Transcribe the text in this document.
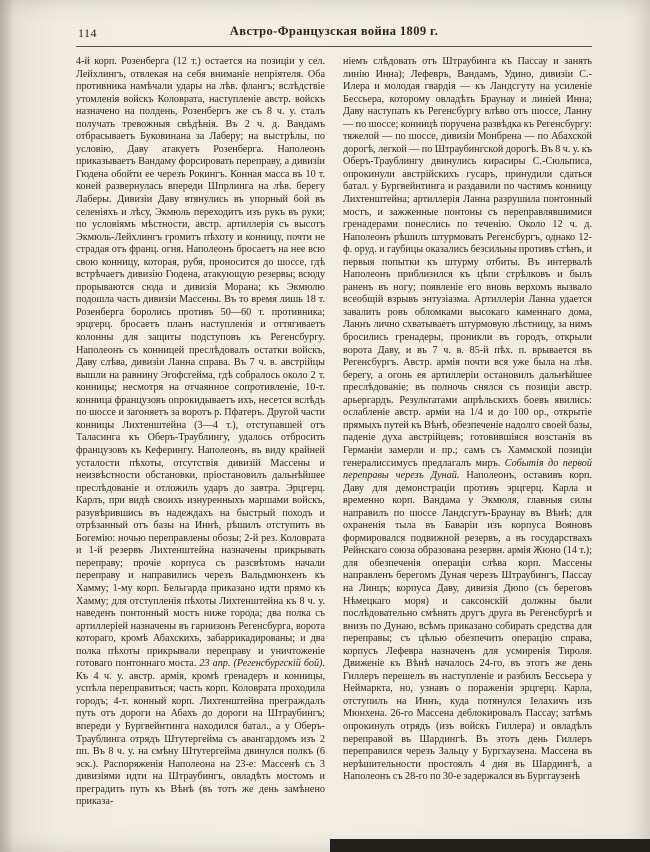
114	Австро-Французская война 1809 г.
4-й корп. Розенберга (12 т.) остается на позиціи у сел. Лейхлингъ, отвлекая на себя вниманіе непріятеля. Оба противника намѣчали удары на лѣв. флангъ; вслѣдствіе утомленія войскъ Коловрата, наступленіе австр. войскъ назначено на полдень, Розенбергъ же съ 8 ч. у. сталъ получать тревожныя свѣдѣнія. Въ 2 ч. д. Вандамъ отбрасываетъ Буковинана за Лаберу; на выстрѣлы, по условію, Даву атакуетъ Розенберга. Наполеонъ приказываетъ Вандаму форсировать переправу, а дивизіи Гюдена обойти ее черезъ Рокингъ. Конная масса въ 10 т. коней развернулась впереди Шпрлинга на лѣв. берегу Лаберы. Дивизіи Даву втянулись въ упорный бой въ селеніяхъ и лѣсу, Экмюль переходитъ изъ рукъ въ руки; по условіямъ мѣстности, австр. артиллерія съ высотъ Экмюль-Лейхлингъ громитъ пѣхоту и конницу, почти не страдая отъ франц. огня. Наполеонъ бросаетъ на нее всю свою конницу, которая, рубя, проносится до шоссе, гдѣ встрѣчаетъ дивизію Гюдена, атакующую резервы; всюду прорываются сюда и дивизія Морана; къ Экмюлю подошла часть дивизіи Массены. Въ то время лишь 18 т. Розенберга боролись противъ 50—60 т. противника; эрцгерц. бросаетъ планъ наступленія и оттягиваетъ колонны для защиты подступовъ къ Регенсбургу. Наполеонъ съ конницей преслѣдовалъ остатки войскъ, Даву слѣва, дивизіи Ланна справа. Въ 7 ч. в. австрійцы вышли на равнину Эгофсгейма, гдѣ собралось около 2 т. конницы; несмотря на отчаянное сопротивленіе, 10-т. конница французовъ опрокидываетъ ихъ, несется вслѣдъ по шоссе и загоняетъ за воротъ р. Пфатеръ. Другой части конницы Лихтенштейна (3—4 т.), отступавшей отъ Таласинга къ Оберъ-Траублингу, удалось отбросить французовъ къ Кеферингу. Наполеонъ, въ виду крайней усталости пѣхоты, отсутствія дивизій Массены и неизвѣстности обстановки, пріостановилъ дальнѣйшее преслѣдованіе и отложилъ ударъ до завтра. Эрцгерц. Карлъ, при видѣ своихъ изнуренныхъ маршами войскъ, разувѣрившись въ надеждахъ на быстрый походъ и отрѣзанный отъ базы на Иннѣ, рѣшилъ отступить въ Богемію: ночью переправлены обозы; 2-й рез. Коловрата и 1-й резервъ Лихтенштейна назначены прикрывать переправу; прочіе корпуса съ разсвѣтомъ начали переправу и направились черезъ Вальдмюнхенъ къ Хамму; 1-му корп. Бельгарда приказано идти прямо къ Хамму; для отступленія пѣхоты Лихтенштейна къ 8 ч. у. наведенъ понтонный мостъ ниже города; два полка съ артиллеріей назначены въ гарнизонъ Регенсбурга, ворота котораго, кромѣ Абахскихъ, забаррикадированы; и два полка пѣхоты прикрывали переправу и уничтоженіе готоваго понтоннаго моста. 23 апр. (Регенсбургскій бой). Къ 4 ч. у. австр. армія, кромѣ гренадеръ и конницы, успѣла переправиться; часть корп. Коловрата проходила городъ; 4-т. конный корп. Лихтенштейна преграждалъ путь отъ дороги на Абахъ до дороги на Штраубингъ; впереди у Бургвейнтинга находился батал., а у Оберъ-Траублинга отрядъ Штутергейма съ авангардомъ изъ 2 пп. Въ 8 ч. у. на смѣну Штутергейма двинулся полкъ (6 эск.). Распоряженія Наполеона на 23-е: Массенѣ съ 3 дивизіями идти на Штраубингъ, овладѣть мостомъ и преградить путь къ Вѣнѣ (въ тотъ же день замѣнено приказа-
ніемъ слѣдовать отъ Штраубинга къ Пассау и занять линію Инна); Лефевръ, Вандамъ, Удино, дивизіи С.-Илера и молодая гвардія — къ Ландсгуту на усиленіе Бессьера, которому овладѣть Браунау и линіей Инна; Даву наступать къ Регенсбургу влѣво отъ шоссе, Ланну — по шоссе; конницѣ поручена развѣдка къ Регенсбургу: тяжелой — по шоссе, дивизіи Монбрена — по Абахской дорогѣ, легкой — по Штраубингской дорогѣ. Въ 8 ч. у. къ Оберъ-Траублингу двинулись кирасиры С.-Сюльписа, опрокинули австрійскихъ гусаръ, принудили сдаться батал. у Бургвейнтинга и раздавили по частямъ конницу Лихтенштейна; артиллерія Ланна разрушила понтонный мостъ, и зажженные понтоны съ переправлявшимися гренадерами понеслись по теченію. Около 12 ч. д. Наполеонъ рѣшилъ штурмовать Регенсбургъ, однако 12-ф. оруд. и гаубицы оказались безсильны противъ стѣнъ, и первыя попытки къ штурму отбиты. Въ интервалѣ Наполеонъ приблизился къ цѣпи стрѣлковъ и былъ раненъ въ ногу; появленіе его вновь верхомъ вызвало всеобщій взрывъ энтузіазма. Артиллеріи Ланна удается завалить ровъ обломками высокаго каменнаго дома, Ланнъ лично схватываетъ штурмовую лѣстницу, за нимъ бросились гренадеры, проникли въ городъ, открыли ворота Даву, и въ 7 ч. в. 85-й пѣх. п. врывается въ Регенсбургъ. Австр. армія почти вся уже была на лѣв. берегу, а огонь ея артиллеріи остановилъ дальнѣйшее преслѣдованіе; въ полночь снялся съ позиціи австр. арьергардъ. Результатами апрѣльскихъ боевъ явились: ослабленіе австр. арміи на 1/4 и до 100 ор., открытіе прямыхъ путей къ Вѣнѣ, обезпеченіе надолго своей базы, паденіе духа австрійцевъ; готовившіяся возстанія въ Германіи замерли и пр.; самъ съ Хаммской позиціи генералиссимусъ предлагалъ миръ. Событія до первой переправы черезъ Дунай. Наполеонъ, оставивъ корп. Даву для демонстраціи противъ эрцгерц. Карла и временно корп. Вандама у Экмюля, главныя силы направилъ по шоссе Ландсгутъ-Браунау въ Вѣнѣ; для охраненія тыла въ Баваріи изъ корпуса Вояновъ формировался подвижной резервъ, а въ государствахъ Рейнскаго союза образована резервн. армія Жюно (14 т.); для обезпеченія операціи слѣва корп. Массены направленъ берегомъ Дуная черезъ Штраубингъ, Пассау на Линцъ; корпуса Даву, дивизія Дюпо (съ береговъ Нѣмецкаго моря) и саксонскій должны были послѣдовательно смѣнять другъ друга въ Регенсбургѣ и внизъ по Дунаю, всѣмъ приказано собирать средства для переправы; съ цѣлью обезпечить операцію справа, корпусъ Лефевра назначенъ для усмиренія Тироля. Движеніе къ Вѣнѣ началось 24-го, въ этотъ же день Гиллеръ перешелъ въ наступленіе и разбилъ Бессьера у Неймаркта, но, узнавъ о пораженіи эрцгерц. Карла, отступилъ на Иннъ, куда потянулся Іелахичъ изъ Мюнхена. 26-го Массена деблокировалъ Пассау; затѣмъ опрокинулъ отрядъ (изъ войскъ Гиллера) и овладѣлъ переправой въ Шардингѣ. Въ этотъ день Гиллеръ переправился черезъ Зальцу у Бургхаузена. Массена въ нерѣшительности простоялъ 4 дня въ Шардингѣ, а Наполеонъ съ 28-го по 30-е задержался въ Бурггаузенѣ
